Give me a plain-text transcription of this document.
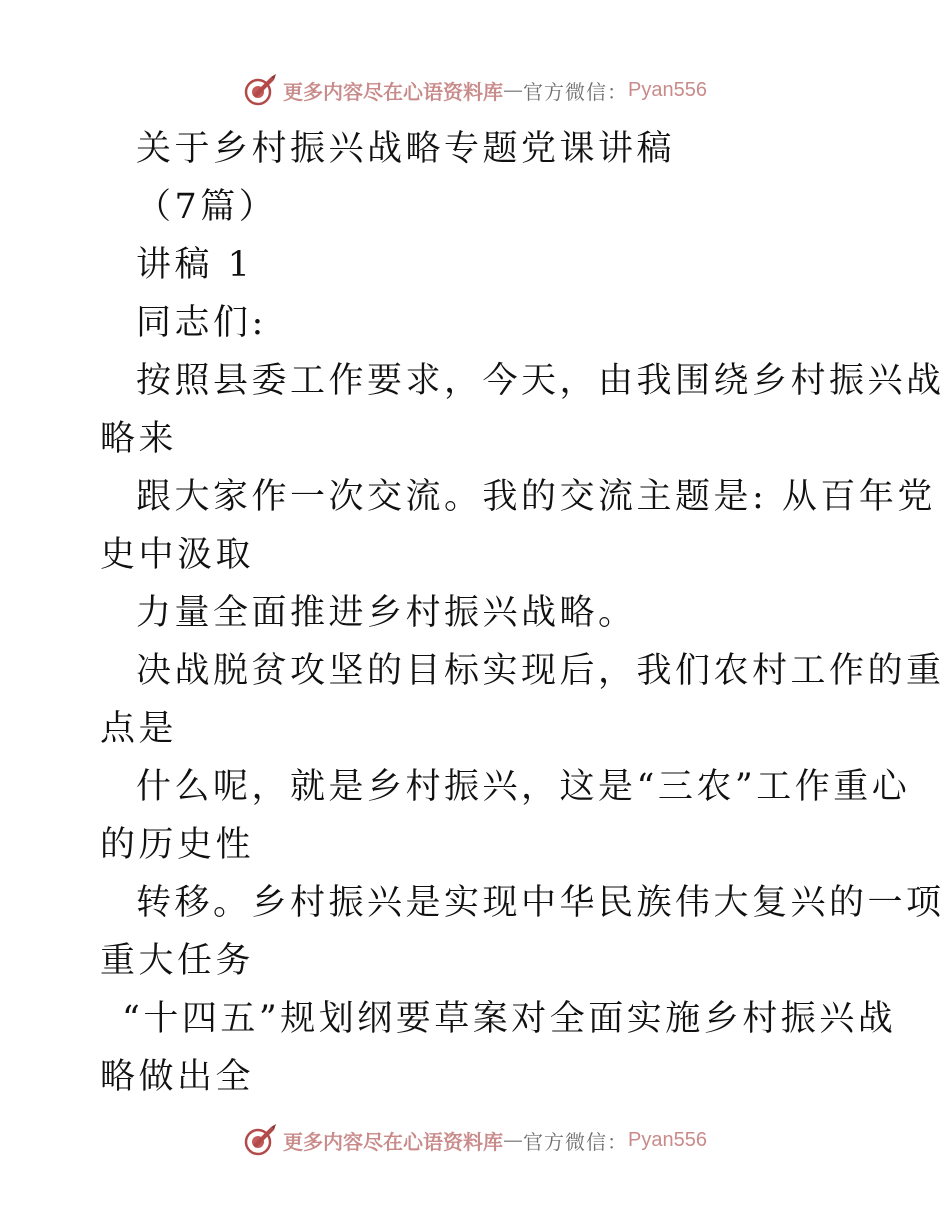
更多内容尽在心语资料库 — 官方微信： Pyan556

关于乡村振兴战略专题党课讲稿

（7篇）

讲稿 1

同志们:

按照县委工作要求，今天，由我围绕乡村振兴战

略来

跟大家作一次交流。我的交流主题是: 从百年党

史中汲取

力量全面推进乡村振兴战略。

决战脱贫攻坚的目标实现后，我们农村工作的重

点是

什么呢，就是乡村振兴，这是“三农”工作重心

的历史性

转移。乡村振兴是实现中华民族伟大复兴的一项

重大任务

“十四五”规划纲要草案对全面实施乡村振兴战

略做出全

更多内容尽在心语资料库 — 官方微信： Pyan556
